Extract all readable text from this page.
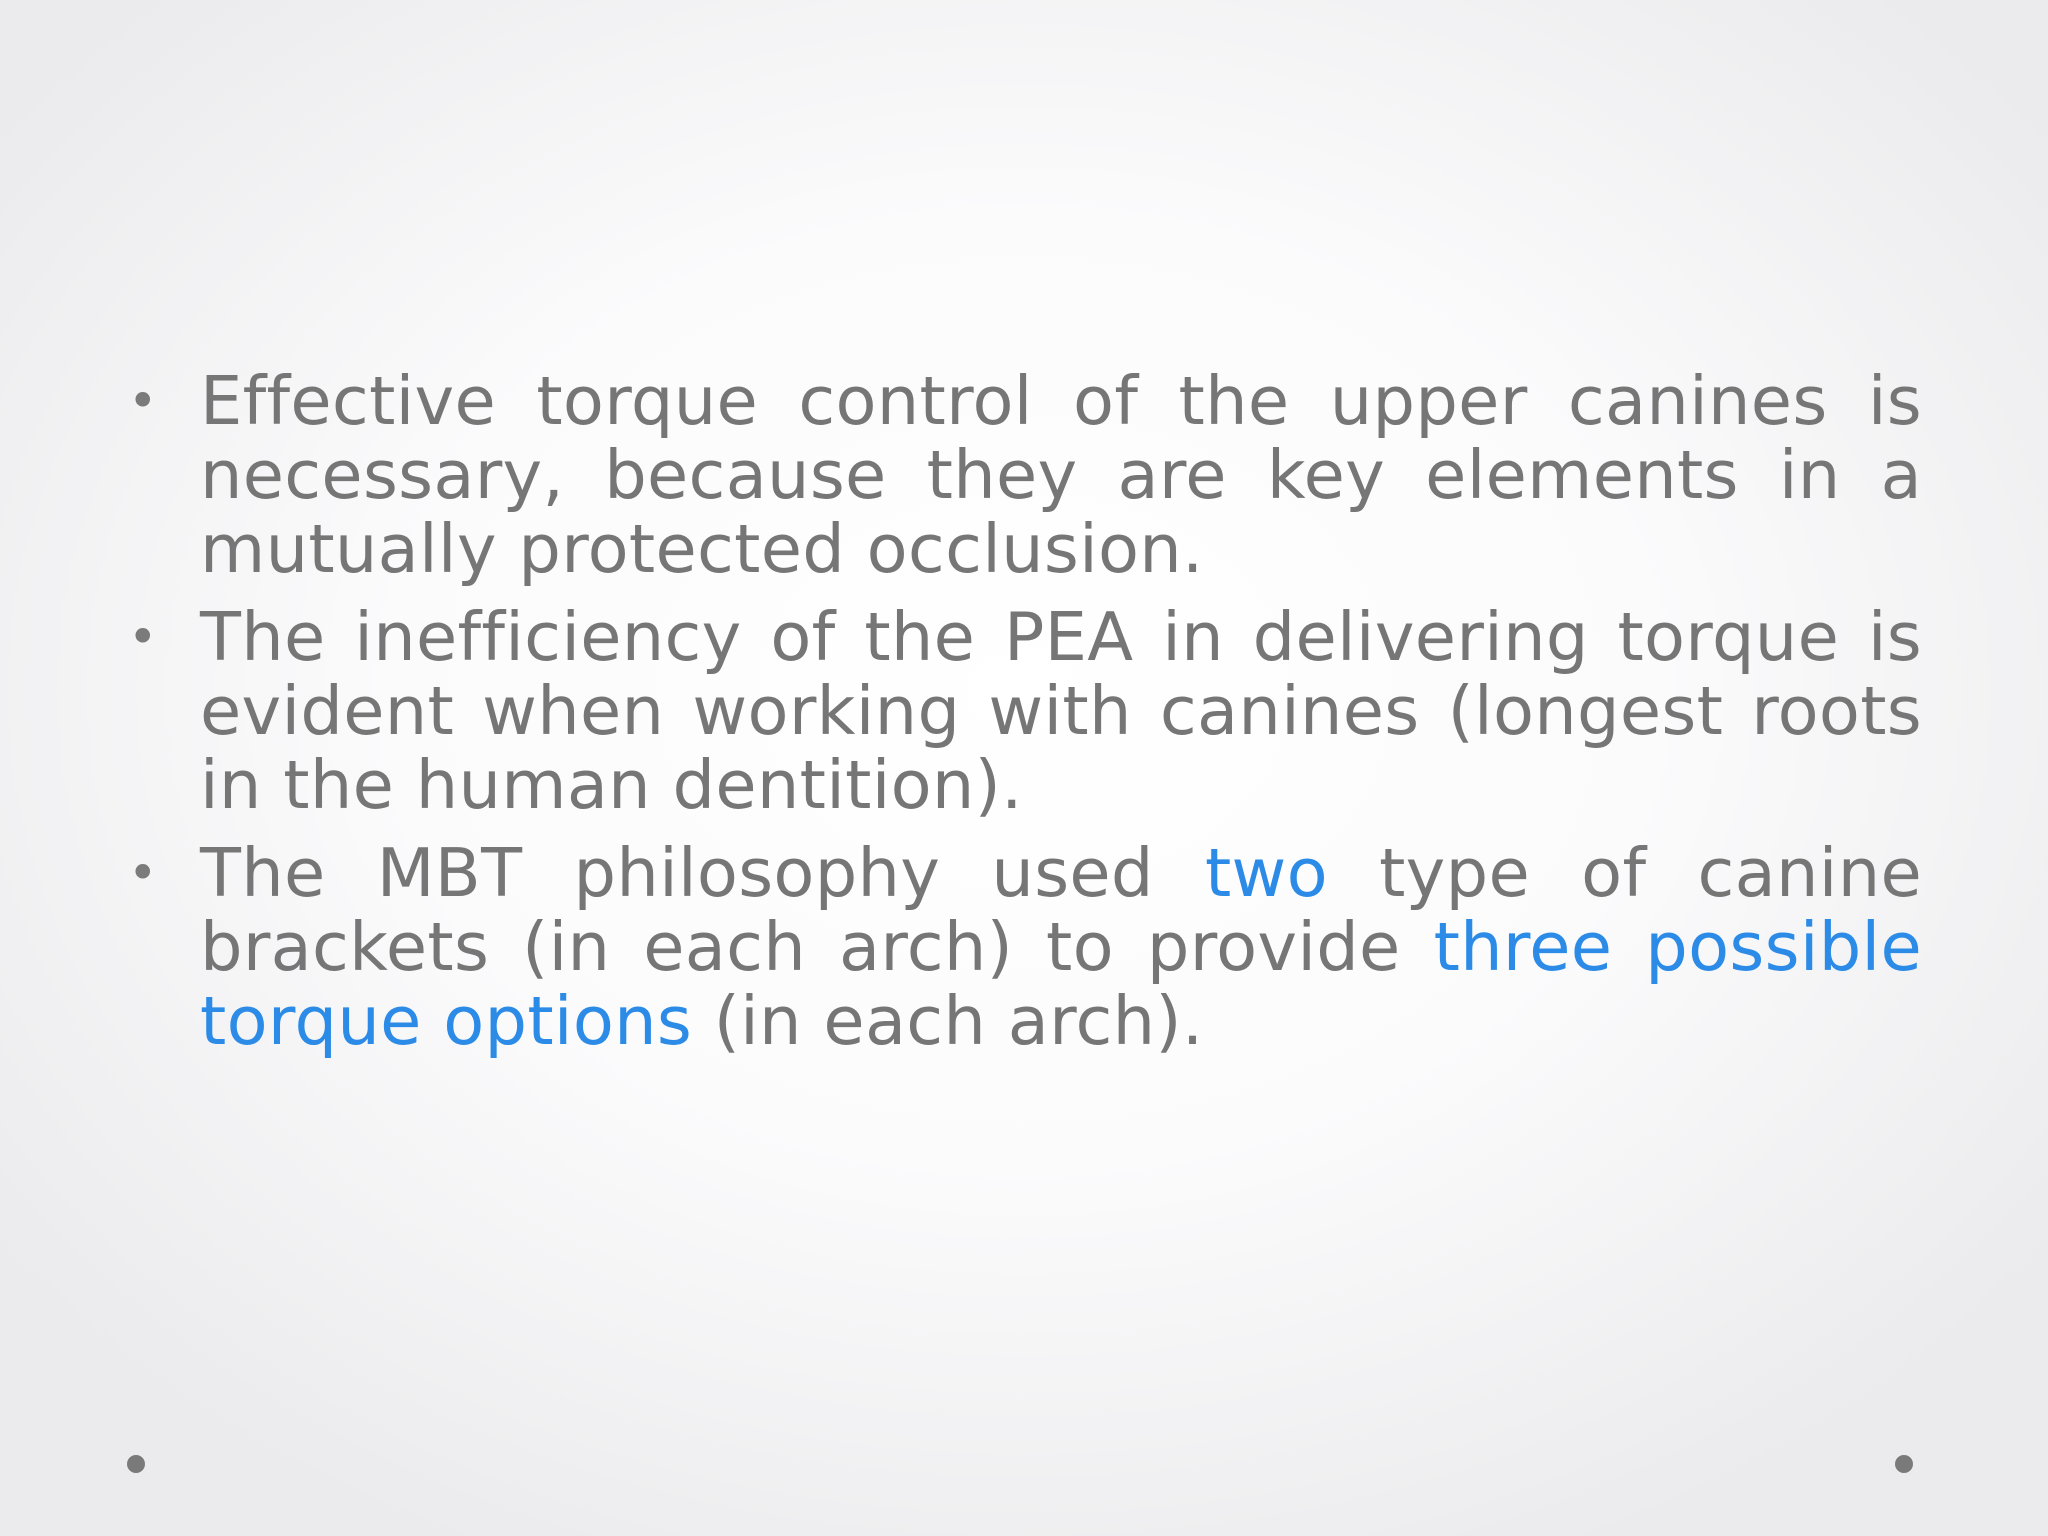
• Effective torque control of the upper canines is necessary, because they are key elements in a mutually protected occlusion.
• The inefficiency of the PEA in delivering torque is evident when working with canines (longest roots in the human dentition).
• The MBT philosophy used two type of canine brackets (in each arch) to provide three possible torque options (in each arch).
